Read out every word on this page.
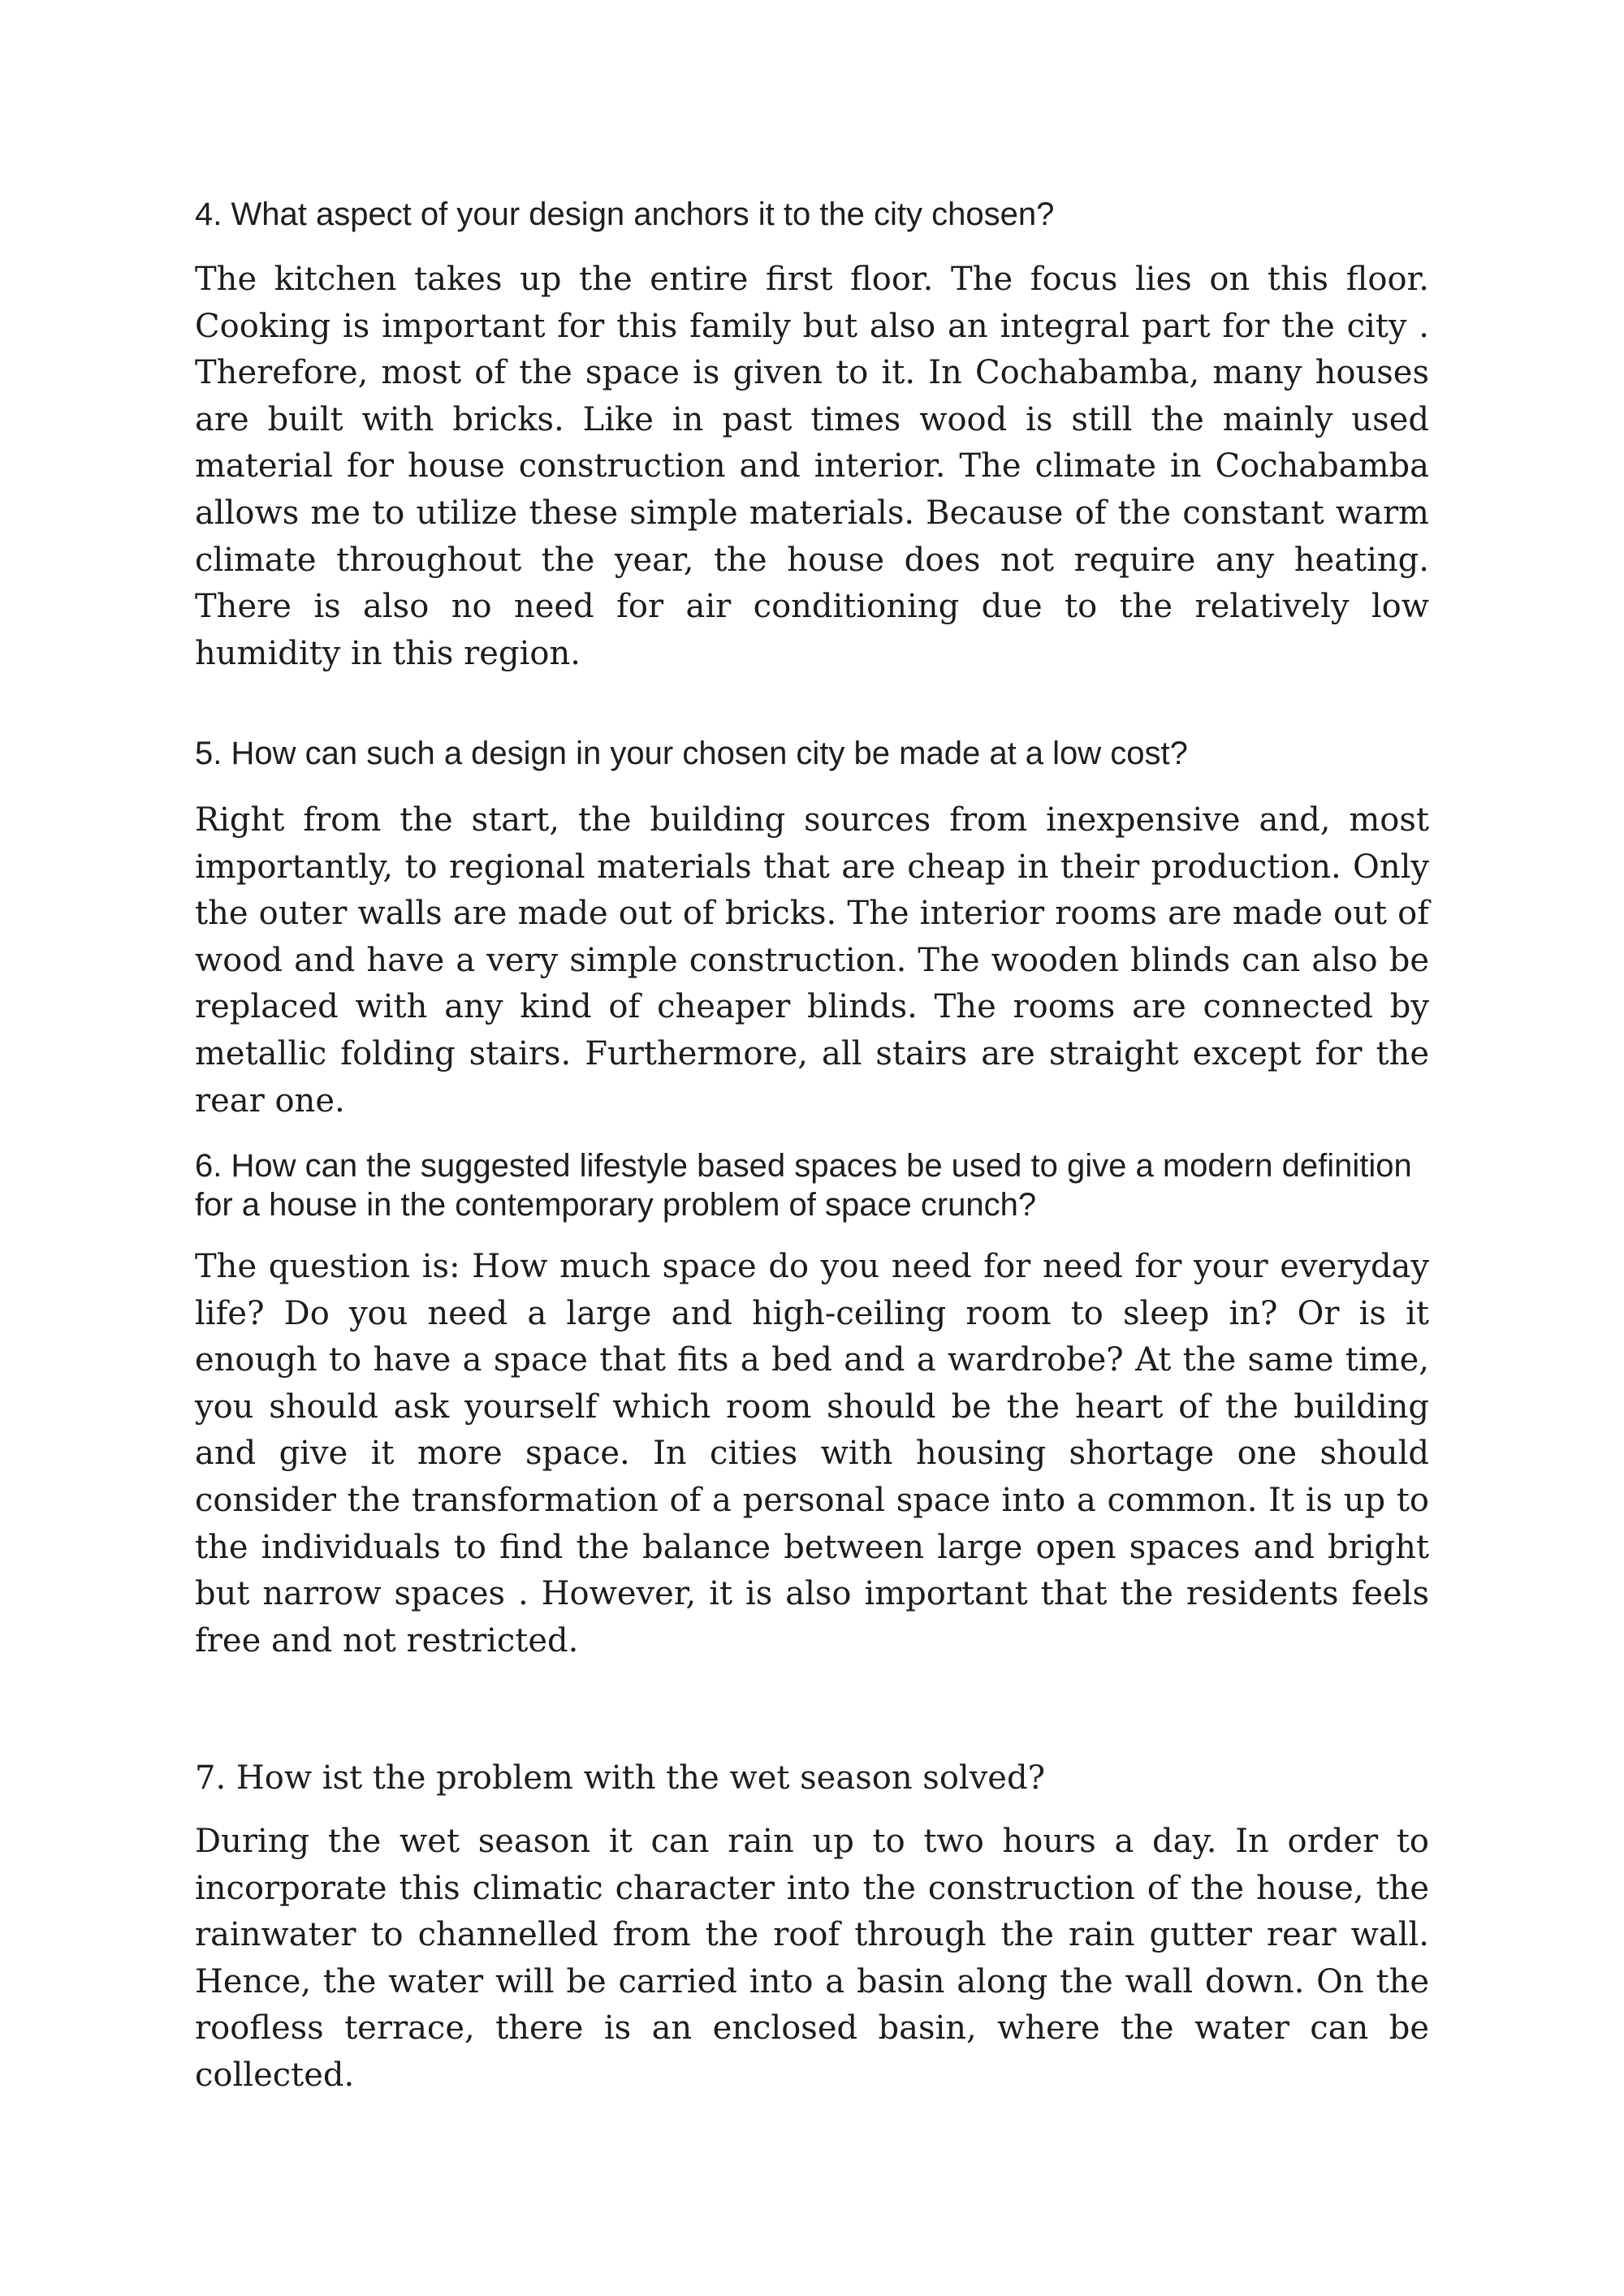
4. What aspect of your design anchors it to the city chosen?

The kitchen takes up the entire first floor. The focus lies on this floor. Cooking is important for this family but also an integral part for the city . Therefore, most of the space is given to it. In Cochabamba, many houses are built with bricks. Like in past times wood is still the mainly used material for house construction and interior. The climate in Cochabamba allows me to utilize these simple materials. Because of the constant warm climate throughout the year, the house does not require any heating. There is also no need for air conditioning due to the relatively low humidity in this region.

5. How can such a design in your chosen city be made at a low cost?

Right from the start, the building sources from inexpensive and, most importantly, to regional materials that are cheap in their production. Only the outer walls are made out of bricks. The interior rooms are made out of wood and have a very simple construction. The wooden blinds can also be replaced with any kind of cheaper blinds. The rooms are connected by metallic folding stairs. Furthermore, all stairs are straight except for the rear one.

6. How can the suggested lifestyle based spaces be used to give a modern definition
for a house in the contemporary problem of space crunch?

The question is: How much space do you need for need for your everyday life? Do you need a large and high-ceiling room to sleep in? Or is it enough to have a space that fits a bed and a wardrobe? At the same time, you should ask yourself which room should be the heart of the building and give it more space. In cities with housing shortage one should consider the transformation of a personal space into a common. It is up to the individuals to find the balance between large open spaces and bright but narrow spaces . However, it is also important that the residents feels free and not restricted.

7. How ist the problem with the wet season solved?

During the wet season it can rain up to two hours a day. In order to incorporate this climatic character into the construction of the house, the rainwater to channelled from the roof through the rain gutter rear wall. Hence, the water will be carried into a basin along the wall down. On the roofless terrace, there is an enclosed basin, where the water can be collected.
